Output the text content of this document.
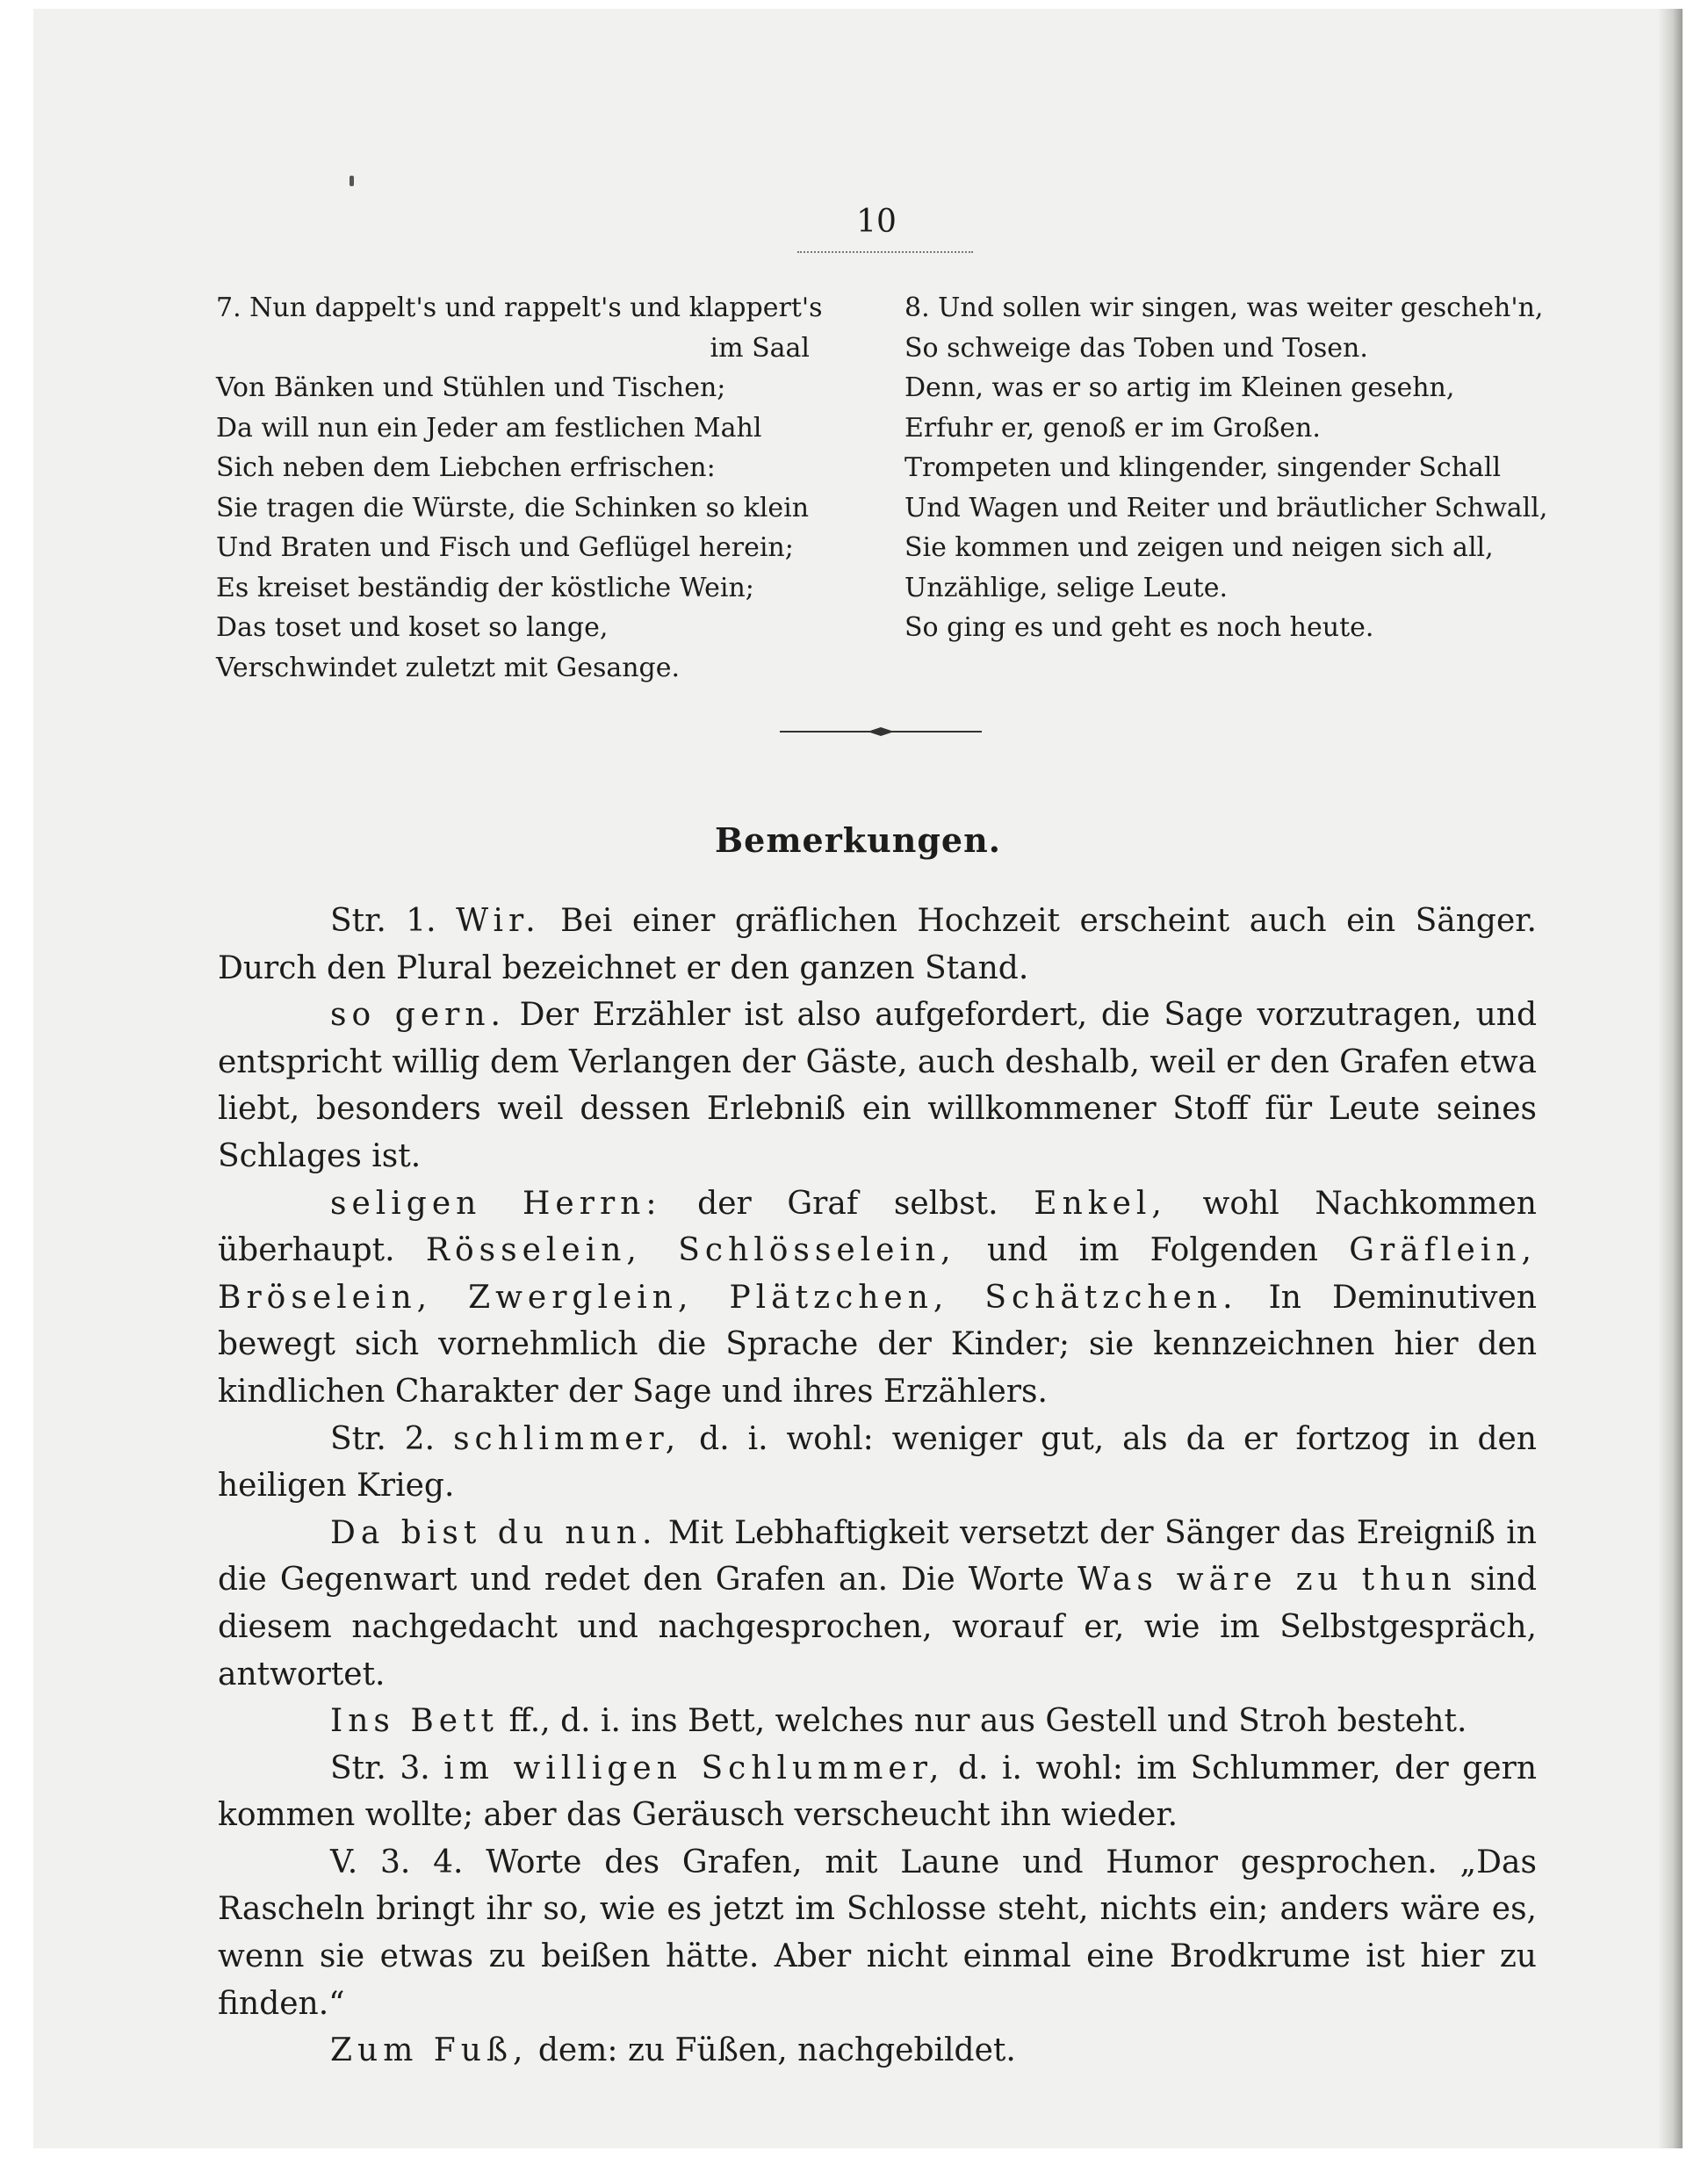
10
7. Nun dappelt's und rappelt's und klappert's
im Saal
Von Bänken und Stühlen und Tischen;
Da will nun ein Jeder am festlichen Mahl
Sich neben dem Liebchen erfrischen:
Sie tragen die Würste, die Schinken so klein
Und Braten und Fisch und Geflügel herein;
Es kreiset beständig der köstliche Wein;
Das toset und koset so lange,
Verschwindet zuletzt mit Gesange.
8. Und sollen wir singen, was weiter gescheh'n,
So schweige das Toben und Tosen.
Denn, was er so artig im Kleinen gesehn,
Erfuhr er, genoß er im Großen.
Trompeten und klingender, singender Schall
Und Wagen und Reiter und bräutlicher Schwall,
Sie kommen und zeigen und neigen sich all,
Unzählige, selige Leute.
So ging es und geht es noch heute.
Bemerkungen.

Str. 1. Wir. Bei einer gräflichen Hochzeit erscheint auch ein Sänger. Durch den Plural bezeichnet er den ganzen Stand.

so gern. Der Erzähler ist also aufgefordert, die Sage vorzutragen, und entspricht willig dem Verlangen der Gäste, auch deshalb, weil er den Grafen etwa liebt, besonders weil dessen Erlebniß ein willkommener Stoff für Leute seines Schlages ist.

seligen Herrn: der Graf selbst. Enkel, wohl Nachkommen überhaupt. Rösselein, Schlösselein, und im Folgenden Gräflein, Bröselein, Zwerglein, Plätzchen, Schätzchen. In Deminutiven bewegt sich vornehmlich die Sprache der Kinder; sie kennzeichnen hier den kindlichen Charakter der Sage und ihres Erzählers.

Str. 2. schlimmer, d. i. wohl: weniger gut, als da er fortzog in den heiligen Krieg.

Da bist du nun. Mit Lebhaftigkeit versetzt der Sänger das Ereigniß in die Gegenwart und redet den Grafen an. Die Worte Was wäre zu thun sind diesem nachgedacht und nachgesprochen, worauf er, wie im Selbstgespräch, antwortet.

Ins Bett ff., d. i. ins Bett, welches nur aus Gestell und Stroh besteht.

Str. 3. im willigen Schlummer, d. i. wohl: im Schlummer, der gern kommen wollte; aber das Geräusch verscheucht ihn wieder.

V. 3. 4. Worte des Grafen, mit Laune und Humor gesprochen. „Das Rascheln bringt ihr so, wie es jetzt im Schlosse steht, nichts ein; anders wäre es, wenn sie etwas zu beißen hätte. Aber nicht einmal eine Brodkrume ist hier zu finden.“

Zum Fuß, dem: zu Füßen, nachgebildet.
